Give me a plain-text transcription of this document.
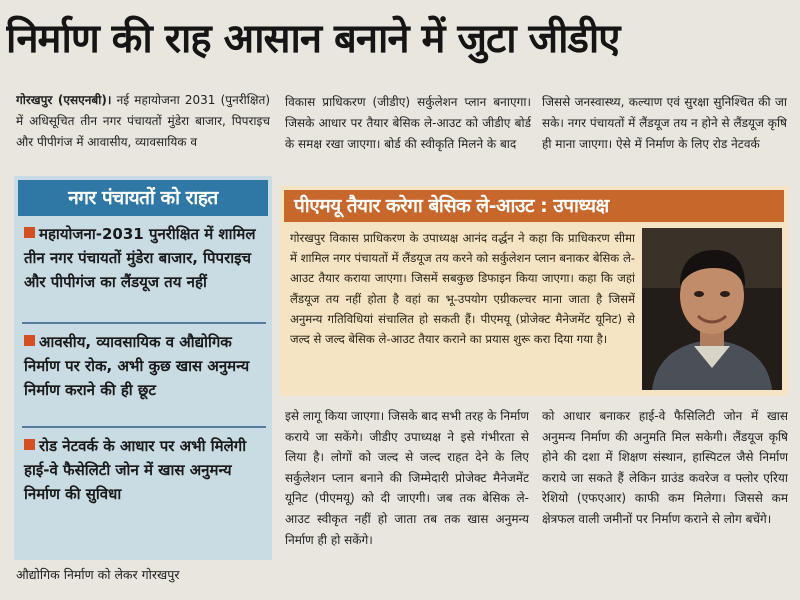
निर्माण की राह आसान बनाने में जुटा जीडीए

गोरखपुर (एसएनबी)। नई महायोजना 2031 (पुनरीक्षित) में अधिसूचित तीन नगर पंचायतों मुंडेरा बाजार, पिपराइच और पीपीगंज में आवासीय, व्यावसायिक व

विकास प्राधिकरण (जीडीए) सर्कुलेशन प्लान बनाएगा। जिसके आधार पर तैयार बेसिक ले-आउट को जीडीए बोर्ड के समक्ष रखा जाएगा। बोर्ड की स्वीकृति मिलने के बाद

जिससे जनस्वास्थ्य, कल्याण एवं सुरक्षा सुनिश्चित की जा सके। नगर पंचायतों में लैंडयूज तय न होने से लैंडयूज कृषि ही माना जाएगा। ऐसे में निर्माण के लिए रोड नेटवर्क

नगर पंचायतों को राहत
महायोजना-2031 पुनरीक्षित में शामिल तीन नगर पंचायतों मुंडेरा बाजार, पिपराइच और पीपीगंज का लैंडयूज तय नहीं
आवसीय, व्यावसायिक व औद्योगिक निर्माण पर रोक, अभी कुछ खास अनुमन्य निर्माण कराने की ही छूट
रोड नेटवर्क के आधार पर अभी मिलेगी हाई-वे फैसेलिटी जोन में खास अनुमन्य निर्माण की सुविधा
औद्योगिक निर्माण को लेकर गोरखपुर
पीएमयू तैयार करेगा बेसिक ले-आउट : उपाध्यक्ष
गोरखपुर विकास प्राधिकरण के उपाध्यक्ष आनंद वर्द्धन ने कहा कि प्राधिकरण सीमा में शामिल नगर पंचायतों में लैंडयूज तय करने को सर्कुलेशन प्लान बनाकर बेसिक ले-आउट तैयार कराया जाएगा। जिसमें सबकुछ डिफाइन किया जाएगा। कहा कि जहां लैंडयूज तय नहीं होता है वहां का भू-उपयोग एग्रीकल्चर माना जाता है जिसमें अनुमन्य गतिविधियां संचालित हो सकती हैं। पीएमयू (प्रोजेक्ट मैनेजमेंट यूनिट) से जल्द से जल्द बेसिक ले-आउट तैयार कराने का प्रयास शुरू करा दिया गया है।

इसे लागू किया जाएगा। जिसके बाद सभी तरह के निर्माण कराये जा सकेंगे। जीडीए उपाध्यक्ष ने इसे गंभीरता से लिया है। लोगों को जल्द से जल्द राहत देने के लिए सर्कुलेशन प्लान बनाने की जिम्मेदारी प्रोजेक्ट मैनेजमेंट यूनिट (पीएमयू) को दी जाएगी। जब तक बेसिक ले-आउट स्वीकृत नहीं हो जाता तब तक खास अनुमन्य निर्माण ही हो सकेंगे।

को आधार बनाकर हाई-वे फैसिलिटी जोन में खास अनुमन्य निर्माण की अनुमति मिल सकेगी। लैंडयूज कृषि होने की दशा में शिक्षण संस्थान, हास्पिटल जैसे निर्माण कराये जा सकते हैं लेकिन ग्राउंड कवरेज व फ्लोर एरिया रेशियो (एफएआर) काफी कम मिलेगा। जिससे कम क्षेत्रफल वाली जमीनों पर निर्माण कराने से लोग बचेंगे।
